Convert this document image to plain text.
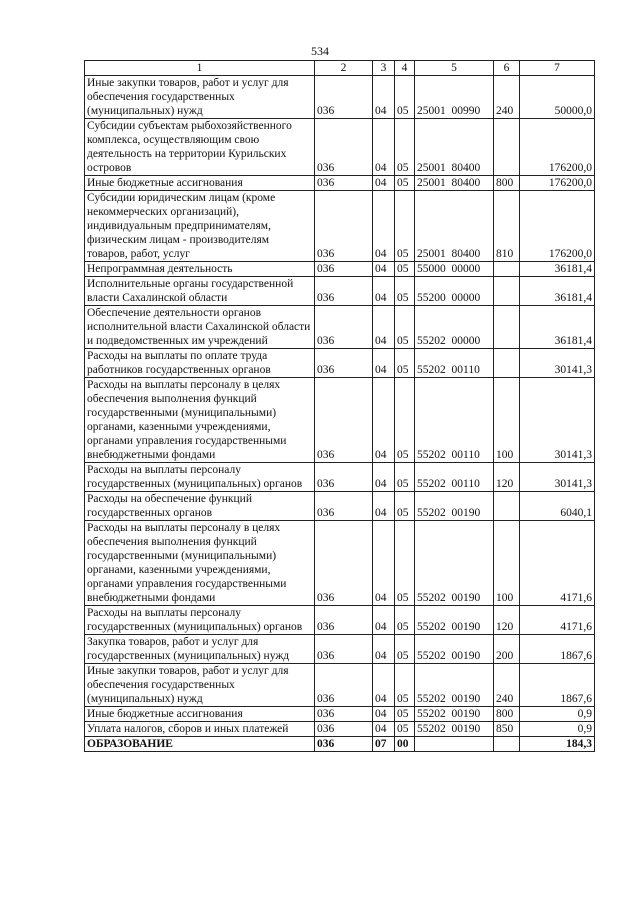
534
1	2	3	4	5	6	7
Иные закупки товаров, работ и услуг для обеспечения государственных (муниципальных) нужд	036	04	05	25001  00990	240	50000,0
Субсидии субъектам рыбохозяйственного комплекса, осуществляющим свою деятельность на территории Курильских островов	036	04	05	25001  80400		176200,0
Иные бюджетные ассигнования	036	04	05	25001  80400	800	176200,0
Субсидии юридическим лицам (кроме некоммерческих организаций), индивидуальным предпринимателям, физическим лицам - производителям товаров, работ, услуг	036	04	05	25001  80400	810	176200,0
Непрограммная деятельность	036	04	05	55000  00000		36181,4
Исполнительные органы государственной власти Сахалинской области	036	04	05	55200  00000		36181,4
Обеспечение деятельности органов исполнительной власти Сахалинской области и подведомственных им учреждений	036	04	05	55202  00000		36181,4
Расходы на выплаты по оплате труда работников государственных органов	036	04	05	55202  00110		30141,3
Расходы на выплаты персоналу в целях обеспечения выполнения функций государственными (муниципальными) органами, казенными учреждениями, органами управления государственными внебюджетными фондами	036	04	05	55202  00110	100	30141,3
Расходы на выплаты персоналу государственных (муниципальных) органов	036	04	05	55202  00110	120	30141,3
Расходы на обеспечение функций государственных органов	036	04	05	55202  00190		6040,1
Расходы на выплаты персоналу в целях обеспечения выполнения функций государственными (муниципальными) органами, казенными учреждениями, органами управления государственными внебюджетными фондами	036	04	05	55202  00190	100	4171,6
Расходы на выплаты персоналу государственных (муниципальных) органов	036	04	05	55202  00190	120	4171,6
Закупка товаров, работ и услуг для государственных (муниципальных) нужд	036	04	05	55202  00190	200	1867,6
Иные закупки товаров, работ и услуг для обеспечения государственных (муниципальных) нужд	036	04	05	55202  00190	240	1867,6
Иные бюджетные ассигнования	036	04	05	55202  00190	800	0,9
Уплата налогов, сборов и иных платежей	036	04	05	55202  00190	850	0,9
ОБРАЗОВАНИЕ	036	07	00			184,3
